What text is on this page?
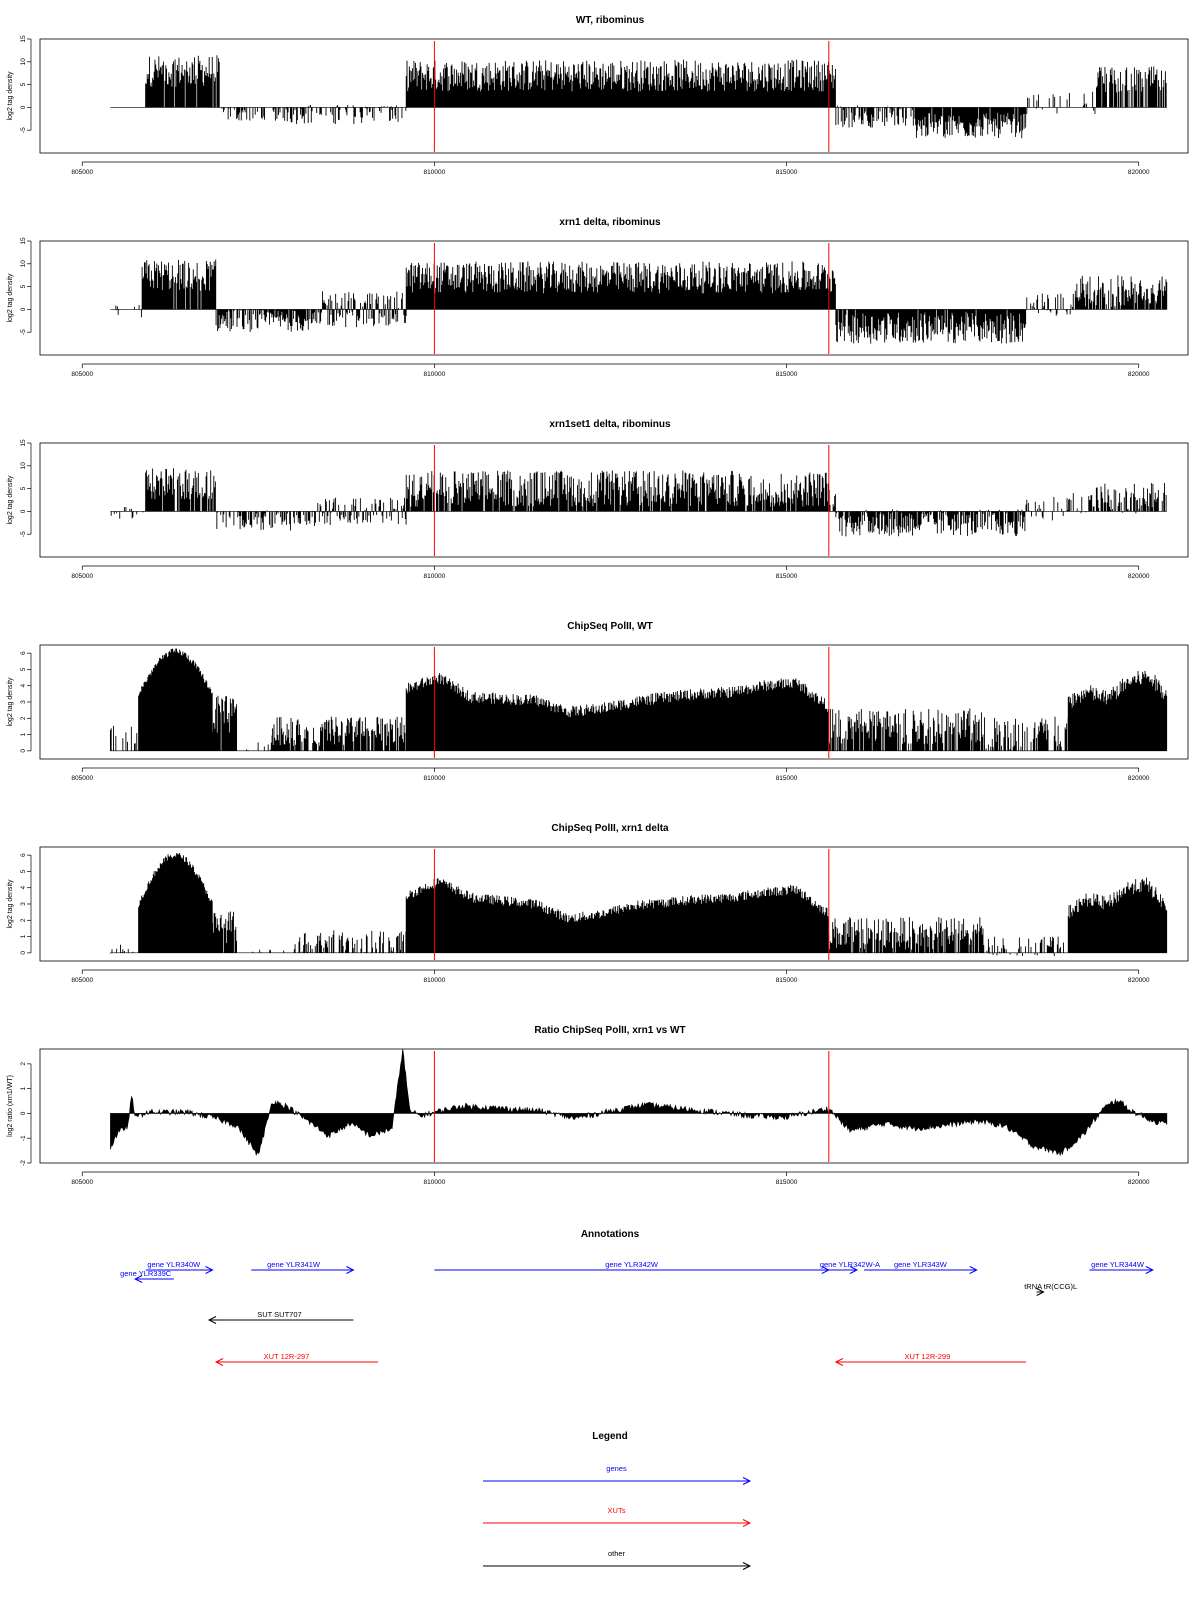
WT, ribominus
-5
0
5
10
15
log2 tag density
805000	810000	815000	820000
xrn1 delta, ribominus
-5
0
5
10
15
log2 tag density
805000	810000	815000	820000
xrn1set1 delta, ribominus
-5
0
5
10
15
log2 tag density
805000	810000	815000	820000
ChipSeq PolII, WT
0
1
2
3
4
5
6
log2 tag density
805000	810000	815000	820000
ChipSeq PolII, xrn1 delta
0
1
2
3
4
5
6
log2 tag density
805000	810000	815000	820000
Ratio ChipSeq PolII, xrn1 vs WT
-2
-1
0
1
2
log2 ratio (xrn1/WT)
805000	810000	815000	820000
Annotations
gene YLR340W
gene YLR339C
gene YLR341W	gene YLR342W	gene YLR342W-A gene YLR343W
tRNA tR(CCG)L
gene YLR344W
SUT SUT707
XUT 12R-297	XUT 12R-299
Legend
genes
XUTs
other
